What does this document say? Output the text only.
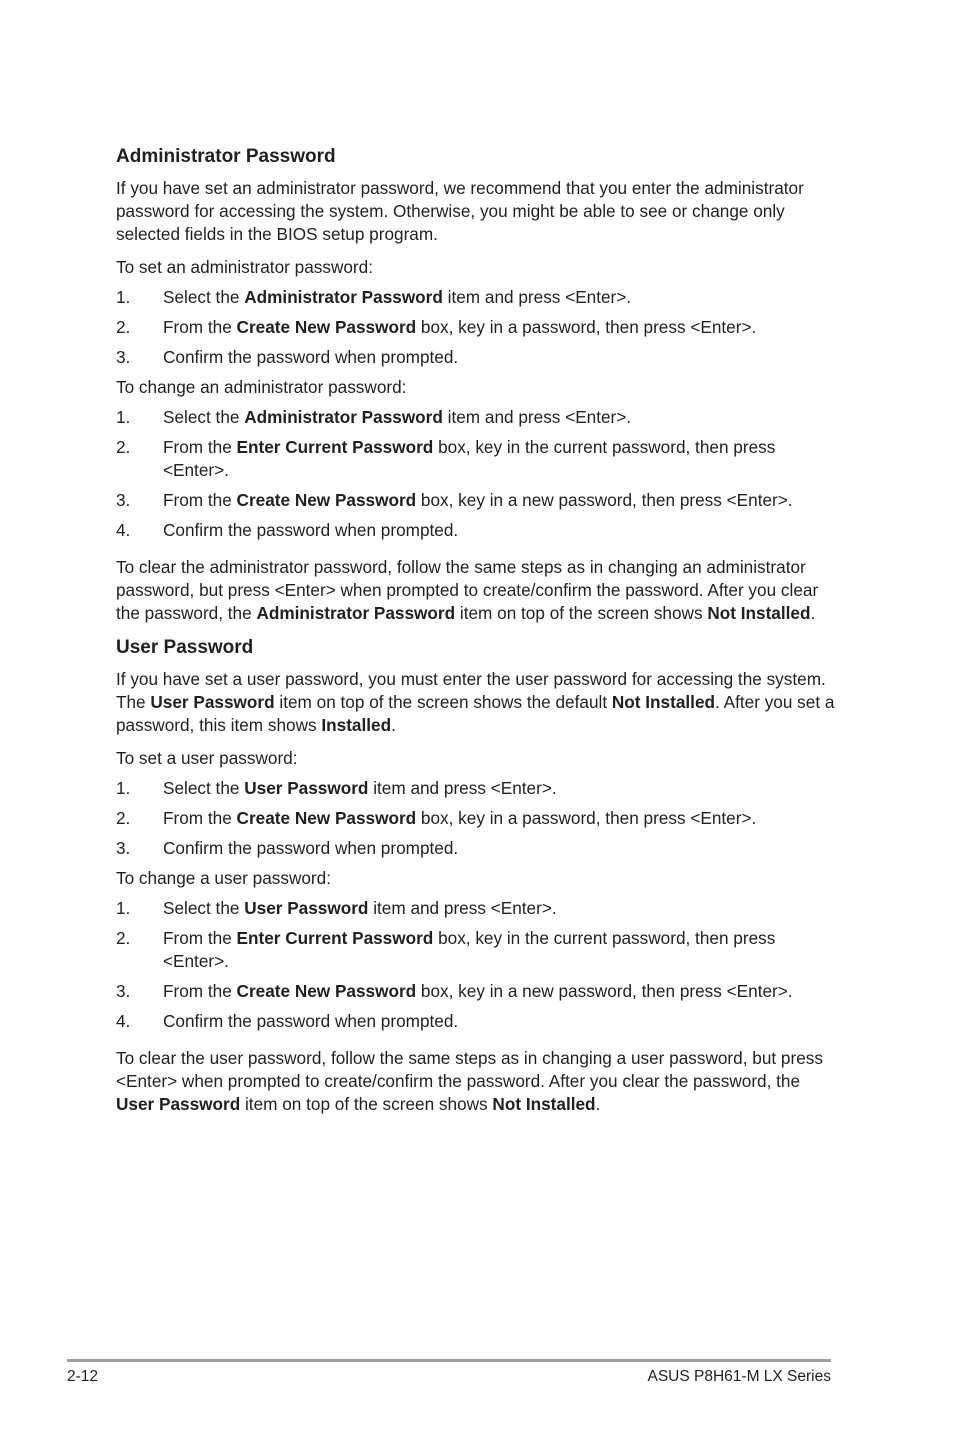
Administrator Password

If you have set an administrator password, we recommend that you enter the administrator password for accessing the system. Otherwise, you might be able to see or change only selected fields in the BIOS setup program.

To set an administrator password:

1.	Select the Administrator Password item and press <Enter>.
2.	From the Create New Password box, key in a password, then press <Enter>.
3.	Confirm the password when prompted.

To change an administrator password:

1.	Select the Administrator Password item and press <Enter>.
2.	From the Enter Current Password box, key in the current password, then press <Enter>.
3.	From the Create New Password box, key in a new password, then press <Enter>.
4.	Confirm the password when prompted.

To clear the administrator password, follow the same steps as in changing an administrator password, but press <Enter> when prompted to create/confirm the password. After you clear the password, the Administrator Password item on top of the screen shows Not Installed.

User Password

If you have set a user password, you must enter the user password for accessing the system. The User Password item on top of the screen shows the default Not Installed. After you set a password, this item shows Installed.

To set a user password:

1.	Select the User Password item and press <Enter>.
2.	From the Create New Password box, key in a password, then press <Enter>.
3.	Confirm the password when prompted.

To change a user password:

1.	Select the User Password item and press <Enter>.
2.	From the Enter Current Password box, key in the current password, then press <Enter>.
3.	From the Create New Password box, key in a new password, then press <Enter>.
4.	Confirm the password when prompted.

To clear the user password, follow the same steps as in changing a user password, but press <Enter> when prompted to create/confirm the password. After you clear the password, the User Password item on top of the screen shows Not Installed.

2-12	ASUS P8H61-M LX Series
